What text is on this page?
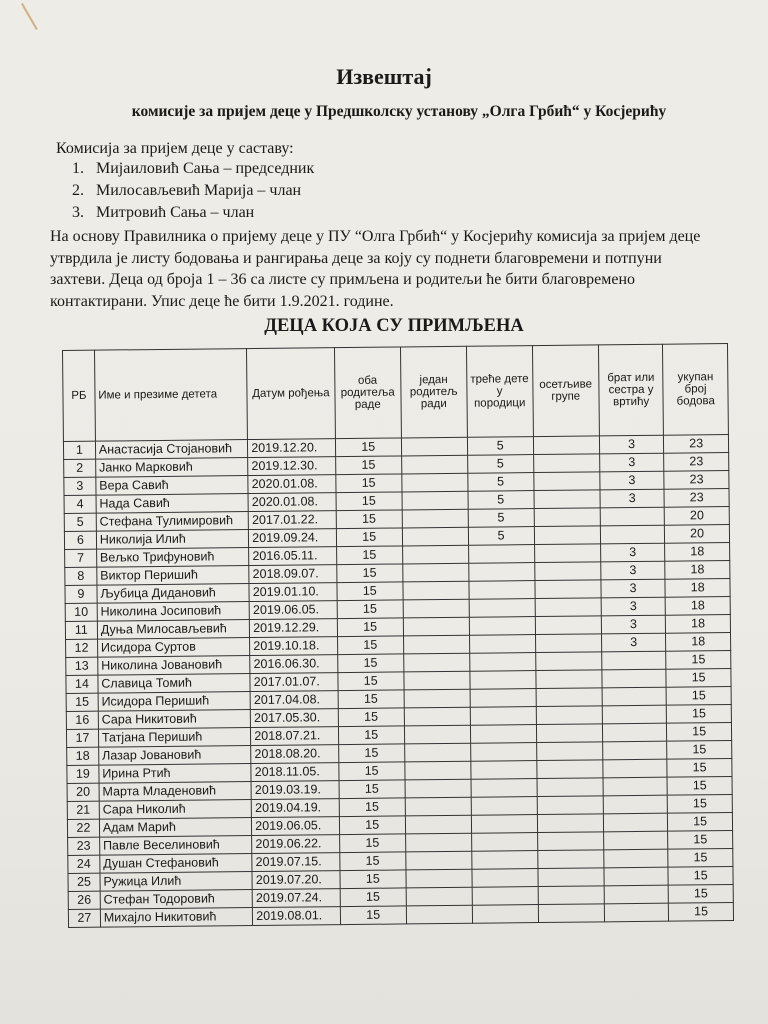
Извештај
комисије за пријем деце у Предшколску установу „Олга Грбић“ у Косјерићу
Комисија за пријем деце у саставу:
1. Мијаиловић Сања – председник
2. Милосављевић Марија – члан
3. Митровић Сања – члан
На основу Правилника о пријему деце у ПУ “Олга Грбић“ у Косјерићу комисија за пријем деце утврдила је листу бодовања и рангирања деце за коју су поднети благовремени и потпуни захтеви. Деца од броја 1 – 36 са листе су примљена и родитељи ће бити благовремено контактирани. Упис деце ће бити 1.9.2021. године.
ДЕЦА КОЈА СУ ПРИМЉЕНА
РБ	Име и презиме детета	Датум рођења	оба родитеља раде	један родитељ ради	треће дете у породици	осетљиве групе	брат или сестра у вртићу	укупан број бодова
1	Анастасија Стојановић	2019.12.20.	15		5		3	23
2	Јанко Марковић	2019.12.30.	15		5		3	23
3	Вера Савић	2020.01.08.	15		5		3	23
4	Нада Савић	2020.01.08.	15		5		3	23
5	Стефана Тулимировић	2017.01.22.	15		5			20
6	Николија Илић	2019.09.24.	15		5			20
7	Вељко Трифуновић	2016.05.11.	15				3	18
8	Виктор Перишић	2018.09.07.	15				3	18
9	Љубица Дидановић	2019.01.10.	15				3	18
10	Николина Јосиповић	2019.06.05.	15				3	18
11	Дуња Милосављевић	2019.12.29.	15				3	18
12	Исидора Суртов	2019.10.18.	15				3	18
13	Николина Јовановић	2016.06.30.	15					15
14	Славица Томић	2017.01.07.	15					15
15	Исидора Перишић	2017.04.08.	15					15
16	Сара Никитовић	2017.05.30.	15					15
17	Татјана Перишић	2018.07.21.	15					15
18	Лазар Јовановић	2018.08.20.	15					15
19	Ирина Ртић	2018.11.05.	15					15
20	Марта Младеновић	2019.03.19.	15					15
21	Сара Николић	2019.04.19.	15					15
22	Адам Марић	2019.06.05.	15					15
23	Павле Веселиновић	2019.06.22.	15					15
24	Душан Стефановић	2019.07.15.	15					15
25	Ружица Илић	2019.07.20.	15					15
26	Стефан Тодоровић	2019.07.24.	15					15
27	Михајло Никитовић	2019.08.01.	15					15
